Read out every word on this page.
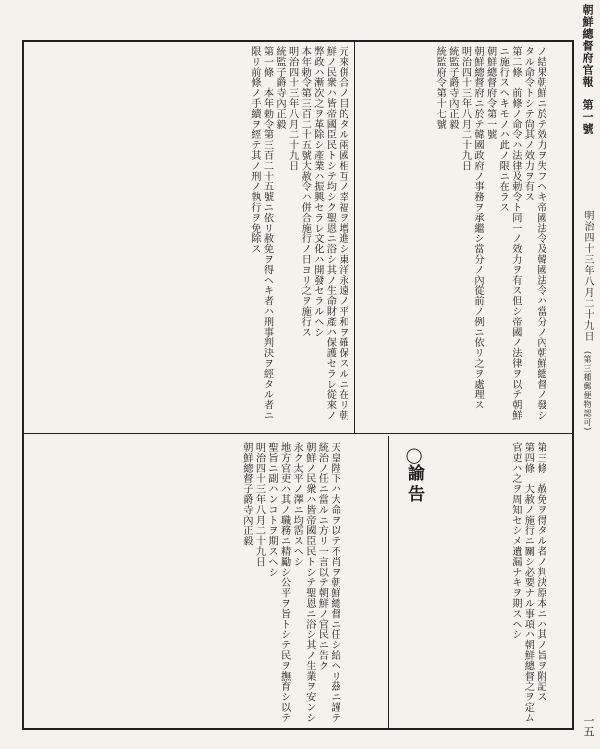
ノ結果朝鮮ニ於テ效力ヲ失フヘキ帝國法令及韓國法令ハ當分ノ內朝鮮總督ノ發シタル命令トシテ尙其ノ效力ヲ有ス
第二條　前條ノ命令ハ法律及勅令ト同一ノ效力ヲ有ス但シ帝國ノ法律ヲ以テ朝鮮ニ施行スヘキモノハ此ノ限ニ在ラス
朝鮮總督府令第一號
朝鮮總督府ニ於テ韓國政府ノ事務ヲ承繼シ當分ノ內從前ノ例ニ依リ之ヲ處理ス
明治四十三年八月二十九日
統監子爵寺內正毅
統監府令第十七號
元來併合ノ目的タル兩國相互ノ幸福ヲ增進シ東洋永遠ノ平和ヲ確保スルニ在リ朝鮮ノ民衆ハ皆帝國臣民トシテ均シク聖恩ニ浴シ其ノ生命財產ハ保護セラレ從來ノ弊政ハ漸次之ヲ革除シ產業ハ振興セラレ文化ハ開發セラルヘシ
本年勅令第三百二十五號大赦令ハ併合施行ノ日ヨリ之ヲ施行ス
明治四十三年八月二十九日
統監子爵寺內正毅
第一條　本年勅令第三百二十五號ニ依リ赦免ヲ得ヘキ者ハ刑事判決ヲ經タル者ニ限リ前條ノ手續ヲ經テ其ノ刑ノ執行ヲ免除ス
第三條　赦免ヲ得タル者ノ判決原本ニハ其ノ旨ヲ附記ス
第四條　大赦ノ施行ニ關シ必要ナル事項ハ朝鮮總督之ヲ定ム
官吏ハ之ヲ周知セシメ遺漏ナキヲ期スヘシ
◯諭告
天皇陛下ハ大命ヲ以テ不肖ヲ朝鮮總督ニ任シ給ヘリ茲ニ謹テ統治ノ任ニ當ルニ方リ一言以テ朝鮮ノ官民ニ告ク
朝鮮ノ民衆ハ皆帝國臣民トシテ聖恩ニ浴シ其ノ生業ヲ安ンシ永ク太平ノ澤ニ均霑スヘシ
地方官吏ハ其ノ職務ニ精勵シ公平ヲ旨トシテ民ヲ撫育シ以テ聖旨ニ副ハンコトヲ期スヘシ
明治四十三年八月二十九日
朝鮮總督子爵寺內正毅
朝鮮總督府官報 第一號 明治四十三年八月二十九日 (第三種郵便物認可)
一五
